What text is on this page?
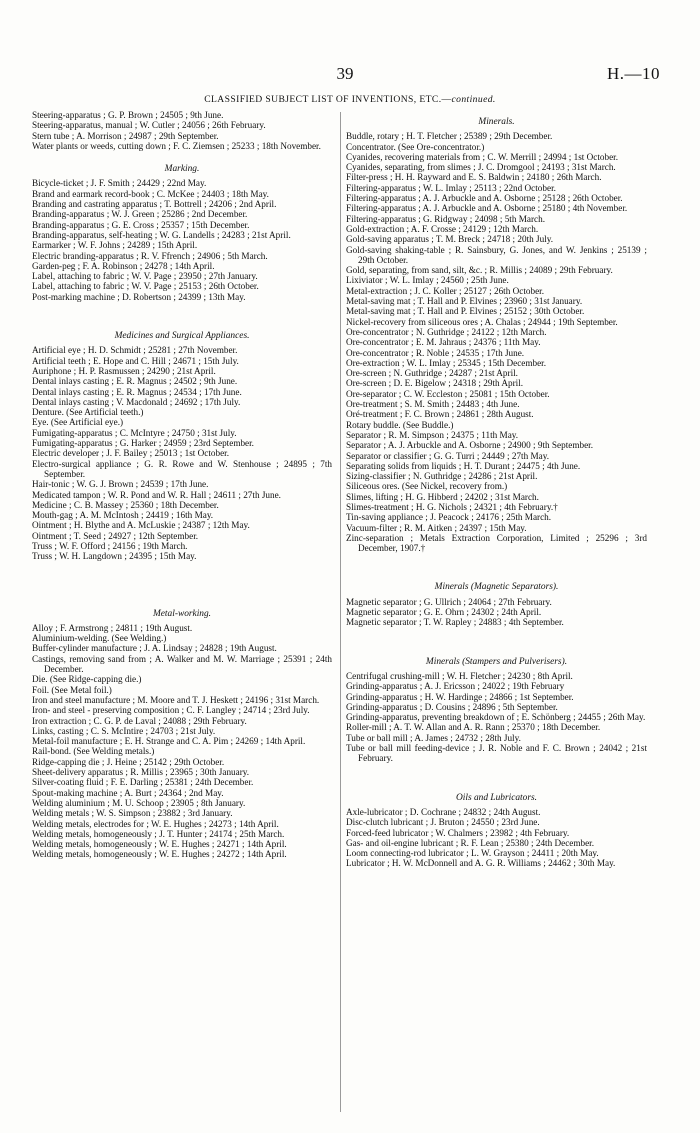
39	H.—10
CLASSIFIED SUBJECT LIST OF INVENTIONS, ETC.—continued.
Steering-apparatus ; G. P. Brown ; 24505 ; 9th June.
Steering-apparatus, manual ; W. Cutler ; 24056 ; 26th February.
Stern tube ; A. Morrison ; 24987 ; 29th September.
Water plants or weeds, cutting down ; F. C. Ziemsen ; 25233 ; 18th November.
Marking.
Bicycle-ticket ; J. F. Smith ; 24429 ; 22nd May.
Brand and earmark record-book ; C. McKee ; 24403 ; 18th May.
Branding and castrating apparatus ; T. Bottrell ; 24206 ; 2nd April.
Branding-apparatus ; W. J. Green ; 25286 ; 2nd December.
Branding-apparatus ; G. E. Cross ; 25357 ; 15th December.
Branding-apparatus, self-heating ; W. G. Landells ; 24283 ; 21st April.
Earmarker ; W. F. Johns ; 24289 ; 15th April.
Electric branding-apparatus ; R. V. Ffrench ; 24906 ; 5th March.
Garden-peg ; F. A. Robinson ; 24278 ; 14th April.
Label, attaching to fabric ; W. V. Page ; 23950 ; 27th January.
Label, attaching to fabric ; W. V. Page ; 25153 ; 26th October.
Post-marking machine ; D. Robertson ; 24399 ; 13th May.
Medicines and Surgical Appliances.
Artificial eye ; H. D. Schmidt ; 25281 ; 27th November.
Artificial teeth ; E. Hope and C. Hill ; 24671 ; 15th July.
Auriphone ; H. P. Rasmussen ; 24290 ; 21st April.
Dental inlays casting ; E. R. Magnus ; 24502 ; 9th June.
Dental inlays casting ; E. R. Magnus ; 24534 ; 17th June.
Dental inlays casting ; V. Macdonald ; 24692 ; 17th July.
Denture. (See Artificial teeth.)
Eye. (See Artificial eye.)
Fumigating-apparatus ; C. McIntyre ; 24750 ; 31st July.
Fumigating-apparatus ; G. Harker ; 24959 ; 23rd September.
Electric developer ; J. F. Bailey ; 25013 ; 1st October.
Electro-surgical appliance ; G. R. Rowe and W. Stenhouse ; 24895 ; 7th September.
Hair-tonic ; W. G. J. Brown ; 24539 ; 17th June.
Medicated tampon ; W. R. Pond and W. R. Hall ; 24611 ; 27th June.
Medicine ; C. B. Massey ; 25360 ; 18th December.
Mouth-gag ; A. M. McIntosh ; 24419 ; 16th May.
Ointment ; H. Blythe and A. McLuskie ; 24387 ; 12th May.
Ointment ; T. Seed ; 24927 ; 12th September.
Truss ; W. F. Offord ; 24156 ; 19th March.
Truss ; W. H. Langdown ; 24395 ; 15th May.
Metal-working.
Alloy ; F. Armstrong ; 24811 ; 19th August.
Aluminium-welding. (See Welding.)
Buffer-cylinder manufacture ; J. A. Lindsay ; 24828 ; 19th August.
Castings, removing sand from ; A. Walker and M. W. Marriage ; 25391 ; 24th December.
Die. (See Ridge-capping die.)
Foil. (See Metal foil.)
Iron and steel manufacture ; M. Moore and T. J. Heskett ; 24196 ; 31st March.
Iron- and steel - preserving composition ; C. F. Langley ; 24714 ; 23rd July.
Iron extraction ; C. G. P. de Laval ; 24088 ; 29th February.
Links, casting ; C. S. McIntire ; 24703 ; 21st July.
Metal-foil manufacture ; E. H. Strange and C. A. Pim ; 24269 ; 14th April.
Rail-bond. (See Welding metals.)
Ridge-capping die ; J. Heine ; 25142 ; 29th October.
Sheet-delivery apparatus ; R. Millis ; 23965 ; 30th January.
Silver-coating fluid ; F. E. Darling ; 25381 ; 24th December.
Spout-making machine ; A. Burt ; 24364 ; 2nd May.
Welding aluminium ; M. U. Schoop ; 23905 ; 8th January.
Welding metals ; W. S. Simpson ; 23882 ; 3rd January.
Welding metals, electrodes for ; W. E. Hughes ; 24273 ; 14th April.
Welding metals, homogeneously ; J. T. Hunter ; 24174 ; 25th March.
Welding metals, homogeneously ; W. E. Hughes ; 24271 ; 14th April.
Welding metals, homogeneously ; W. E. Hughes ; 24272 ; 14th April.
Minerals.
Buddle, rotary ; H. T. Fletcher ; 25389 ; 29th December.
Concentrator. (See Ore-concentrator.)
Cyanides, recovering materials from ; C. W. Merrill ; 24994 ; 1st October.
Cyanides, separating, from slimes ; J. C. Dromgool ; 24193 ; 31st March.
Filter-press ; H. H. Rayward and E. S. Baldwin ; 24180 ; 26th March.
Filtering-apparatus ; W. L. Imlay ; 25113 ; 22nd October.
Filtering-apparatus ; A. J. Arbuckle and A. Osborne ; 25128 ; 26th October.
Filtering-apparatus ; A. J. Arbuckle and A. Osborne ; 25180 ; 4th November.
Filtering-apparatus ; G. Ridgway ; 24098 ; 5th March.
Gold-extraction ; A. F. Crosse ; 24129 ; 12th March.
Gold-saving apparatus ; T. M. Breck ; 24718 ; 20th July.
Gold-saving shaking-table ; R. Sainsbury, G. Jones, and W. Jenkins ; 25139 ; 29th October.
Gold, separating, from sand, silt, &c. ; R. Millis ; 24089 ; 29th February.
Lixiviator ; W. L. Imlay ; 24560 ; 25th June.
Metal-extraction ; J. C. Koller ; 25127 ; 26th October.
Metal-saving mat ; T. Hall and P. Elvines ; 23960 ; 31st January.
Metal-saving mat ; T. Hall and P. Elvines ; 25152 ; 30th October.
Nickel-recovery from siliceous ores ; A. Chalas ; 24944 ; 19th September.
Ore-concentrator ; N. Guthridge ; 24122 ; 12th March.
Ore-concentrator ; E. M. Jahraus ; 24376 ; 11th May.
Ore-concentrator ; R. Noble ; 24535 ; 17th June.
Ore-extraction ; W. L. Imlay ; 25345 ; 15th December.
Ore-screen ; N. Guthridge ; 24287 ; 21st April.
Ore-screen ; D. E. Bigelow ; 24318 ; 29th April.
Ore-separator ; C. W. Eccleston ; 25081 ; 15th October.
Ore-treatment ; S. M. Smith ; 24483 ; 4th June.
Oré-treatment ; F. C. Brown ; 24861 ; 28th August.
Rotary buddle. (See Buddle.)
Separator ; R. M. Simpson ; 24375 ; 11th May.
Separator ; A. J. Arbuckle and A. Osborne ; 24900 ; 9th September.
Separator or classifier ; G. G. Turri ; 24449 ; 27th May.
Separating solids from liquids ; H. T. Durant ; 24475 ; 4th June.
Sizing-classifier ; N. Guthridge ; 24286 ; 21st April.
Siliceous ores. (See Nickel, recovery from.)
Slimes, lifting ; H. G. Hibberd ; 24202 ; 31st March.
Slimes-treatment ; H. G. Nichols ; 24321 ; 4th February.†
Tin-saving appliance ; J. Peacock ; 24176 ; 25th March.
Vacuum-filter ; R. M. Aitken ; 24397 ; 15th May.
Zinc-separation ; Metals Extraction Corporation, Limited ; 25296 ; 3rd December, 1907.†
Minerals (Magnetic Separators).
Magnetic separator ; G. Ullrich ; 24064 ; 27th February.
Magnetic separator ; G. E. Ohrn ; 24302 ; 24th April.
Magnetic separator ; T. W. Rapley ; 24883 ; 4th September.
Minerals (Stampers and Pulverisers).
Centrifugal crushing-mill ; W. H. Fletcher ; 24230 ; 8th April.
Grinding-apparatus ; A. J. Ericsson ; 24022 ; 19th February
Grinding-apparatus ; H. W. Hardinge ; 24866 ; 1st September.
Grinding-apparatus ; D. Cousins ; 24896 ; 5th September.
Grinding-apparatus, preventing breakdown of ; E. Schönberg ; 24455 ; 26th May.
Roller-mill ; A. T. W. Allan and A. R. Rann ; 25370 ; 18th December.
Tube or ball mill ; A. James ; 24732 ; 28th July.
Tube or ball mill feeding-device ; J. R. Noble and F. C. Brown ; 24042 ; 21st February.
Oils and Lubricators.
Axle-lubricator ; D. Cochrane ; 24832 ; 24th August.
Disc-clutch lubricant ; J. Bruton ; 24550 ; 23rd June.
Forced-feed lubricator ; W. Chalmers ; 23982 ; 4th February.
Gas- and oil-engine lubricant ; R. F. Lean ; 25380 ; 24th December.
Loom connecting-rod lubricator ; L. W. Grayson ; 24411 ; 20th May.
Lubricator ; H. W. McDonnell and A. G. R. Williams ; 24462 ; 30th May.
